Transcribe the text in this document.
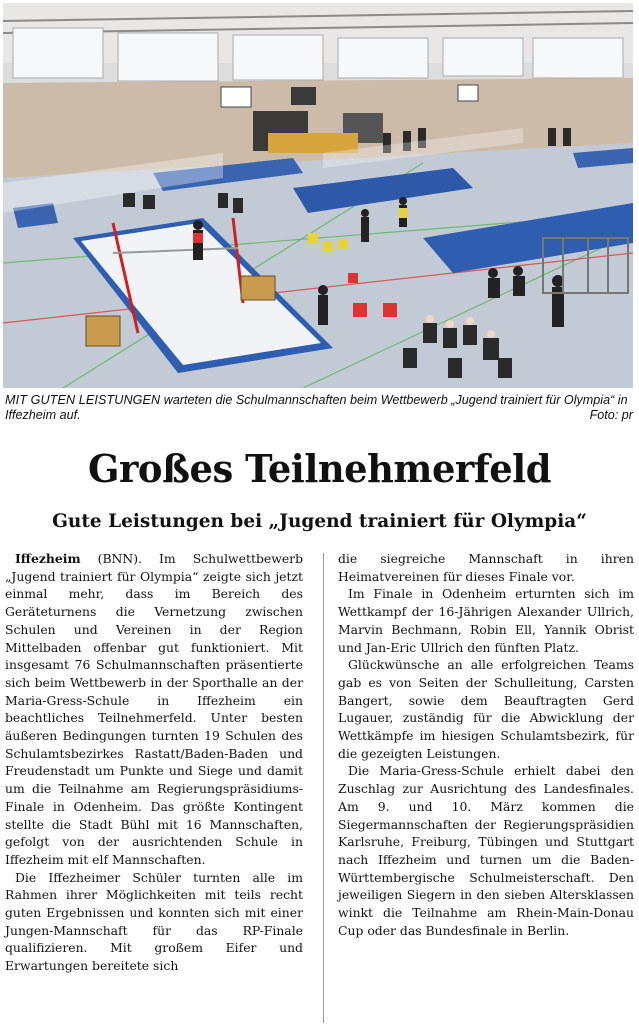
MIT GUTEN LEISTUNGEN warteten die Schulmannschaften beim Wettbewerb „Jugend trainiert für Olympia“ in Iffezheim auf.	Foto: pr
Großes Teilnehmerfeld
Gute Leistungen bei „Jugend trainiert für Olympia“

Iffezheim (BNN). Im Schulwettbewerb „Jugend trainiert für Olympia“ zeigte sich jetzt einmal mehr, dass im Bereich des Geräteturnens die Vernetzung zwischen Schulen und Vereinen in der Region Mittelbaden offenbar gut funktioniert. Mit insgesamt 76 Schulmannschaften präsentierte sich beim Wettbewerb in der Sporthalle an der Maria-Gress-Schule in Iffezheim ein beachtliches Teilnehmerfeld. Unter besten äußeren Bedingungen turnten 19 Schulen des Schulamtsbezirkes Rastatt/Baden-Baden und Freudenstadt um Punkte und Siege und damit um die Teilnahme am Regierungspräsidiums-Finale in Odenheim. Das größte Kontingent stellte die Stadt Bühl mit 16 Mannschaften, gefolgt von der ausrichtenden Schule in Iffezheim mit elf Mannschaften.

Die Iffezheimer Schüler turnten alle im Rahmen ihrer Möglichkeiten mit teils recht guten Ergebnissen und konnten sich mit einer Jungen-Mannschaft für das RP-Finale qualifizieren. Mit großem Eifer und Erwartungen bereitete sich

die siegreiche Mannschaft in ihren Heimatvereinen für dieses Finale vor.

Im Finale in Odenheim erturnten sich im Wettkampf der 16-Jährigen Alexander Ullrich, Marvin Bechmann, Robin Ell, Yannik Obrist und Jan-Eric Ullrich den fünften Platz.

Glückwünsche an alle erfolgreichen Teams gab es von Seiten der Schulleitung, Carsten Bangert, sowie dem Beauftragten Gerd Lugauer, zuständig für die Abwicklung der Wettkämpfe im hiesigen Schulamtsbezirk, für die gezeigten Leistungen.

Die Maria-Gress-Schule erhielt dabei den Zuschlag zur Ausrichtung des Landesfinales. Am 9. und 10. März kommen die Siegermannschaften der Regierungspräsidien Karlsruhe, Freiburg, Tübingen und Stuttgart nach Iffezheim und turnen um die Baden-Württembergische Schulmeisterschaft. Den jeweiligen Siegern in den sieben Altersklassen winkt die Teilnahme am Rhein-Main-Donau Cup oder das Bundesfinale in Berlin.
